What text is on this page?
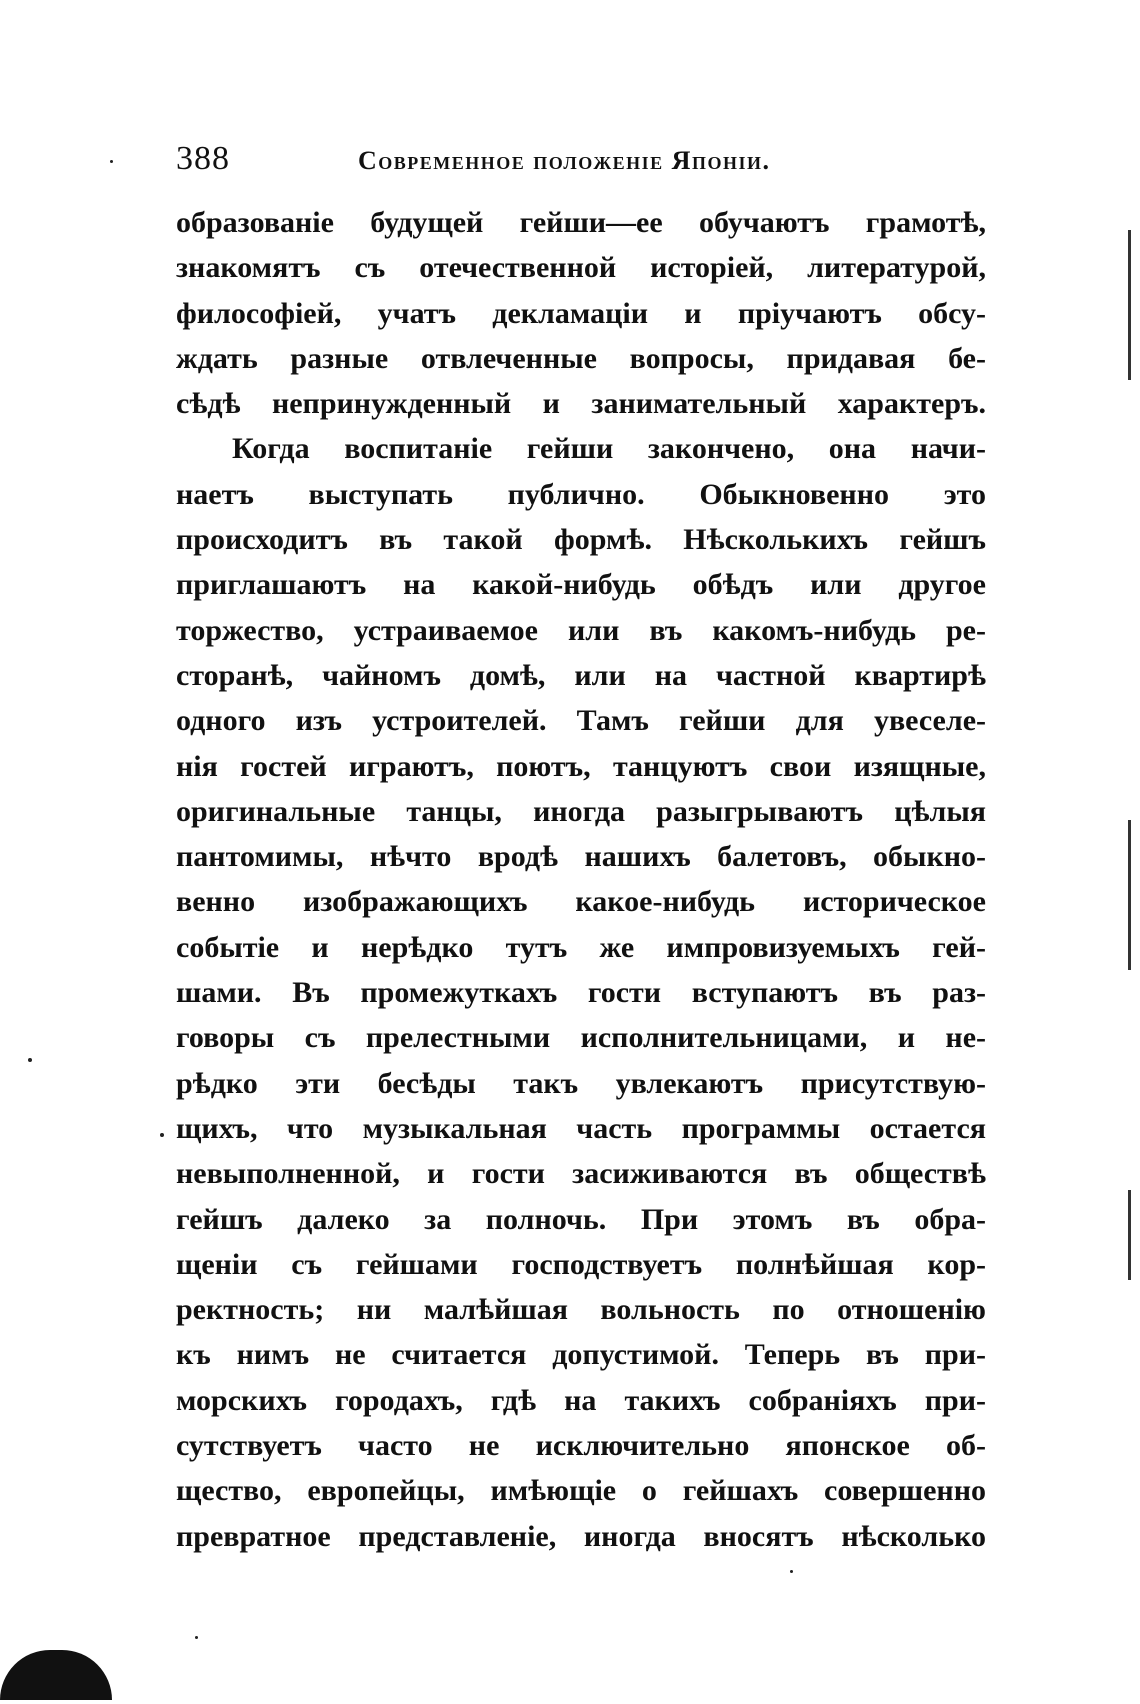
388	Современное положеніе Японіи.
образованіе будущей гейши—ее обучаютъ грамотѣ,
знакомятъ съ отечественной исторіей, литературой,
философіей, учатъ декламаціи и пріучаютъ обсу-
ждать разные отвлеченные вопросы, придавая бе-
сѣдѣ непринужденный и занимательный характеръ.
Когда воспитаніе гейши закончено, она начи-
наетъ выступать публично. Обыкновенно это
происходитъ въ такой формѣ. Нѣсколькихъ гейшъ
приглашаютъ на какой-нибудь обѣдъ или другое
торжество, устраиваемое или въ какомъ-нибудь ре-
сторанѣ, чайномъ домѣ, или на частной квартирѣ
одного изъ устроителей. Тамъ гейши для увеселе-
нія гостей играютъ, поютъ, танцуютъ свои изящные,
оригинальные танцы, иногда разыгрываютъ цѣлыя
пантомимы, нѣчто вродѣ нашихъ балетовъ, обыкно-
венно изображающихъ какое-нибудь историческое
событіе и нерѣдко тутъ же импровизуемыхъ гей-
шами. Въ промежуткахъ гости вступаютъ въ раз-
говоры съ прелестными исполнительницами, и не-
рѣдко эти бесѣды такъ увлекаютъ присутствую-
щихъ, что музыкальная часть программы остается
невыполненной, и гости засиживаются въ обществѣ
гейшъ далеко за полночь. При этомъ въ обра-
щеніи съ гейшами господствуетъ полнѣйшая кор-
ректность; ни малѣйшая вольность по отношенію
къ нимъ не считается допустимой. Теперь въ при-
морскихъ городахъ, гдѣ на такихъ собраніяхъ при-
сутствуетъ часто не исключительно японское об-
щество, европейцы, имѣющіе о гейшахъ совершенно
превратное представленіе, иногда вносятъ нѣсколько
